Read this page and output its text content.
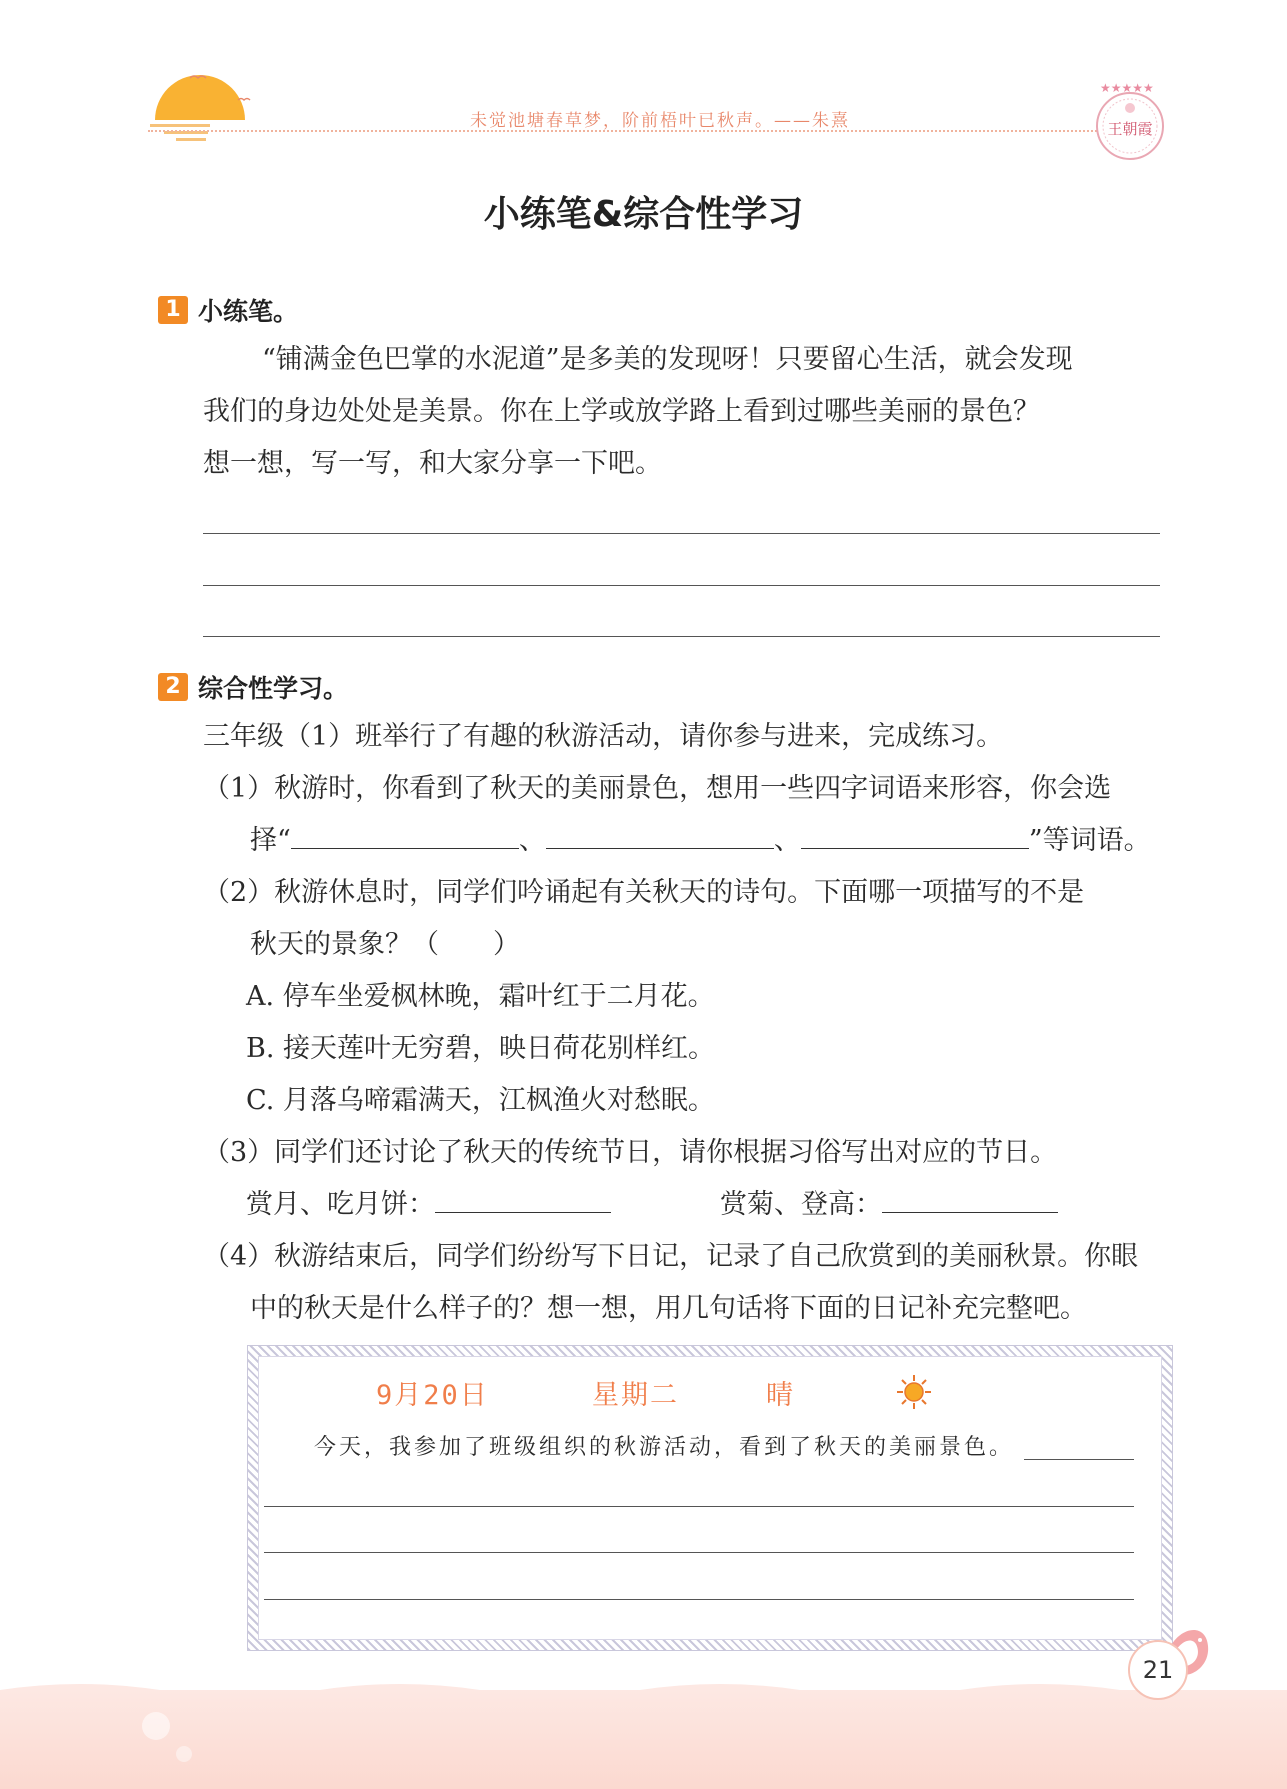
未觉池塘春草梦，阶前梧叶已秋声。——朱熹
★★★★★
王朝霞
小练笔&综合性学习
1 小练笔。
“铺满金色巴掌的水泥道”是多美的发现呀！只要留心生活，就会发现
我们的身边处处是美景。你在上学或放学路上看到过哪些美丽的景色？
想一想，写一写，和大家分享一下吧。
2 综合性学习。
三年级（1）班举行了有趣的秋游活动，请你参与进来，完成练习。
（1）秋游时，你看到了秋天的美丽景色，想用一些四字词语来形容，你会选
择“	、	、	”等词语。
（2）秋游休息时，同学们吟诵起有关秋天的诗句。下面哪一项描写的不是
秋天的景象？（　　）
A. 停车坐爱枫林晚，霜叶红于二月花。
B. 接天莲叶无穷碧，映日荷花别样红。
C. 月落乌啼霜满天，江枫渔火对愁眠。
（3）同学们还讨论了秋天的传统节日，请你根据习俗写出对应的节日。
赏月、吃月饼：	赏菊、登高：
（4）秋游结束后，同学们纷纷写下日记，记录了自己欣赏到的美丽秋景。你眼
中的秋天是什么样子的？想一想，用几句话将下面的日记补充完整吧。
9月20日	星期二	晴
今天，我参加了班级组织的秋游活动，看到了秋天的美丽景色。
21
